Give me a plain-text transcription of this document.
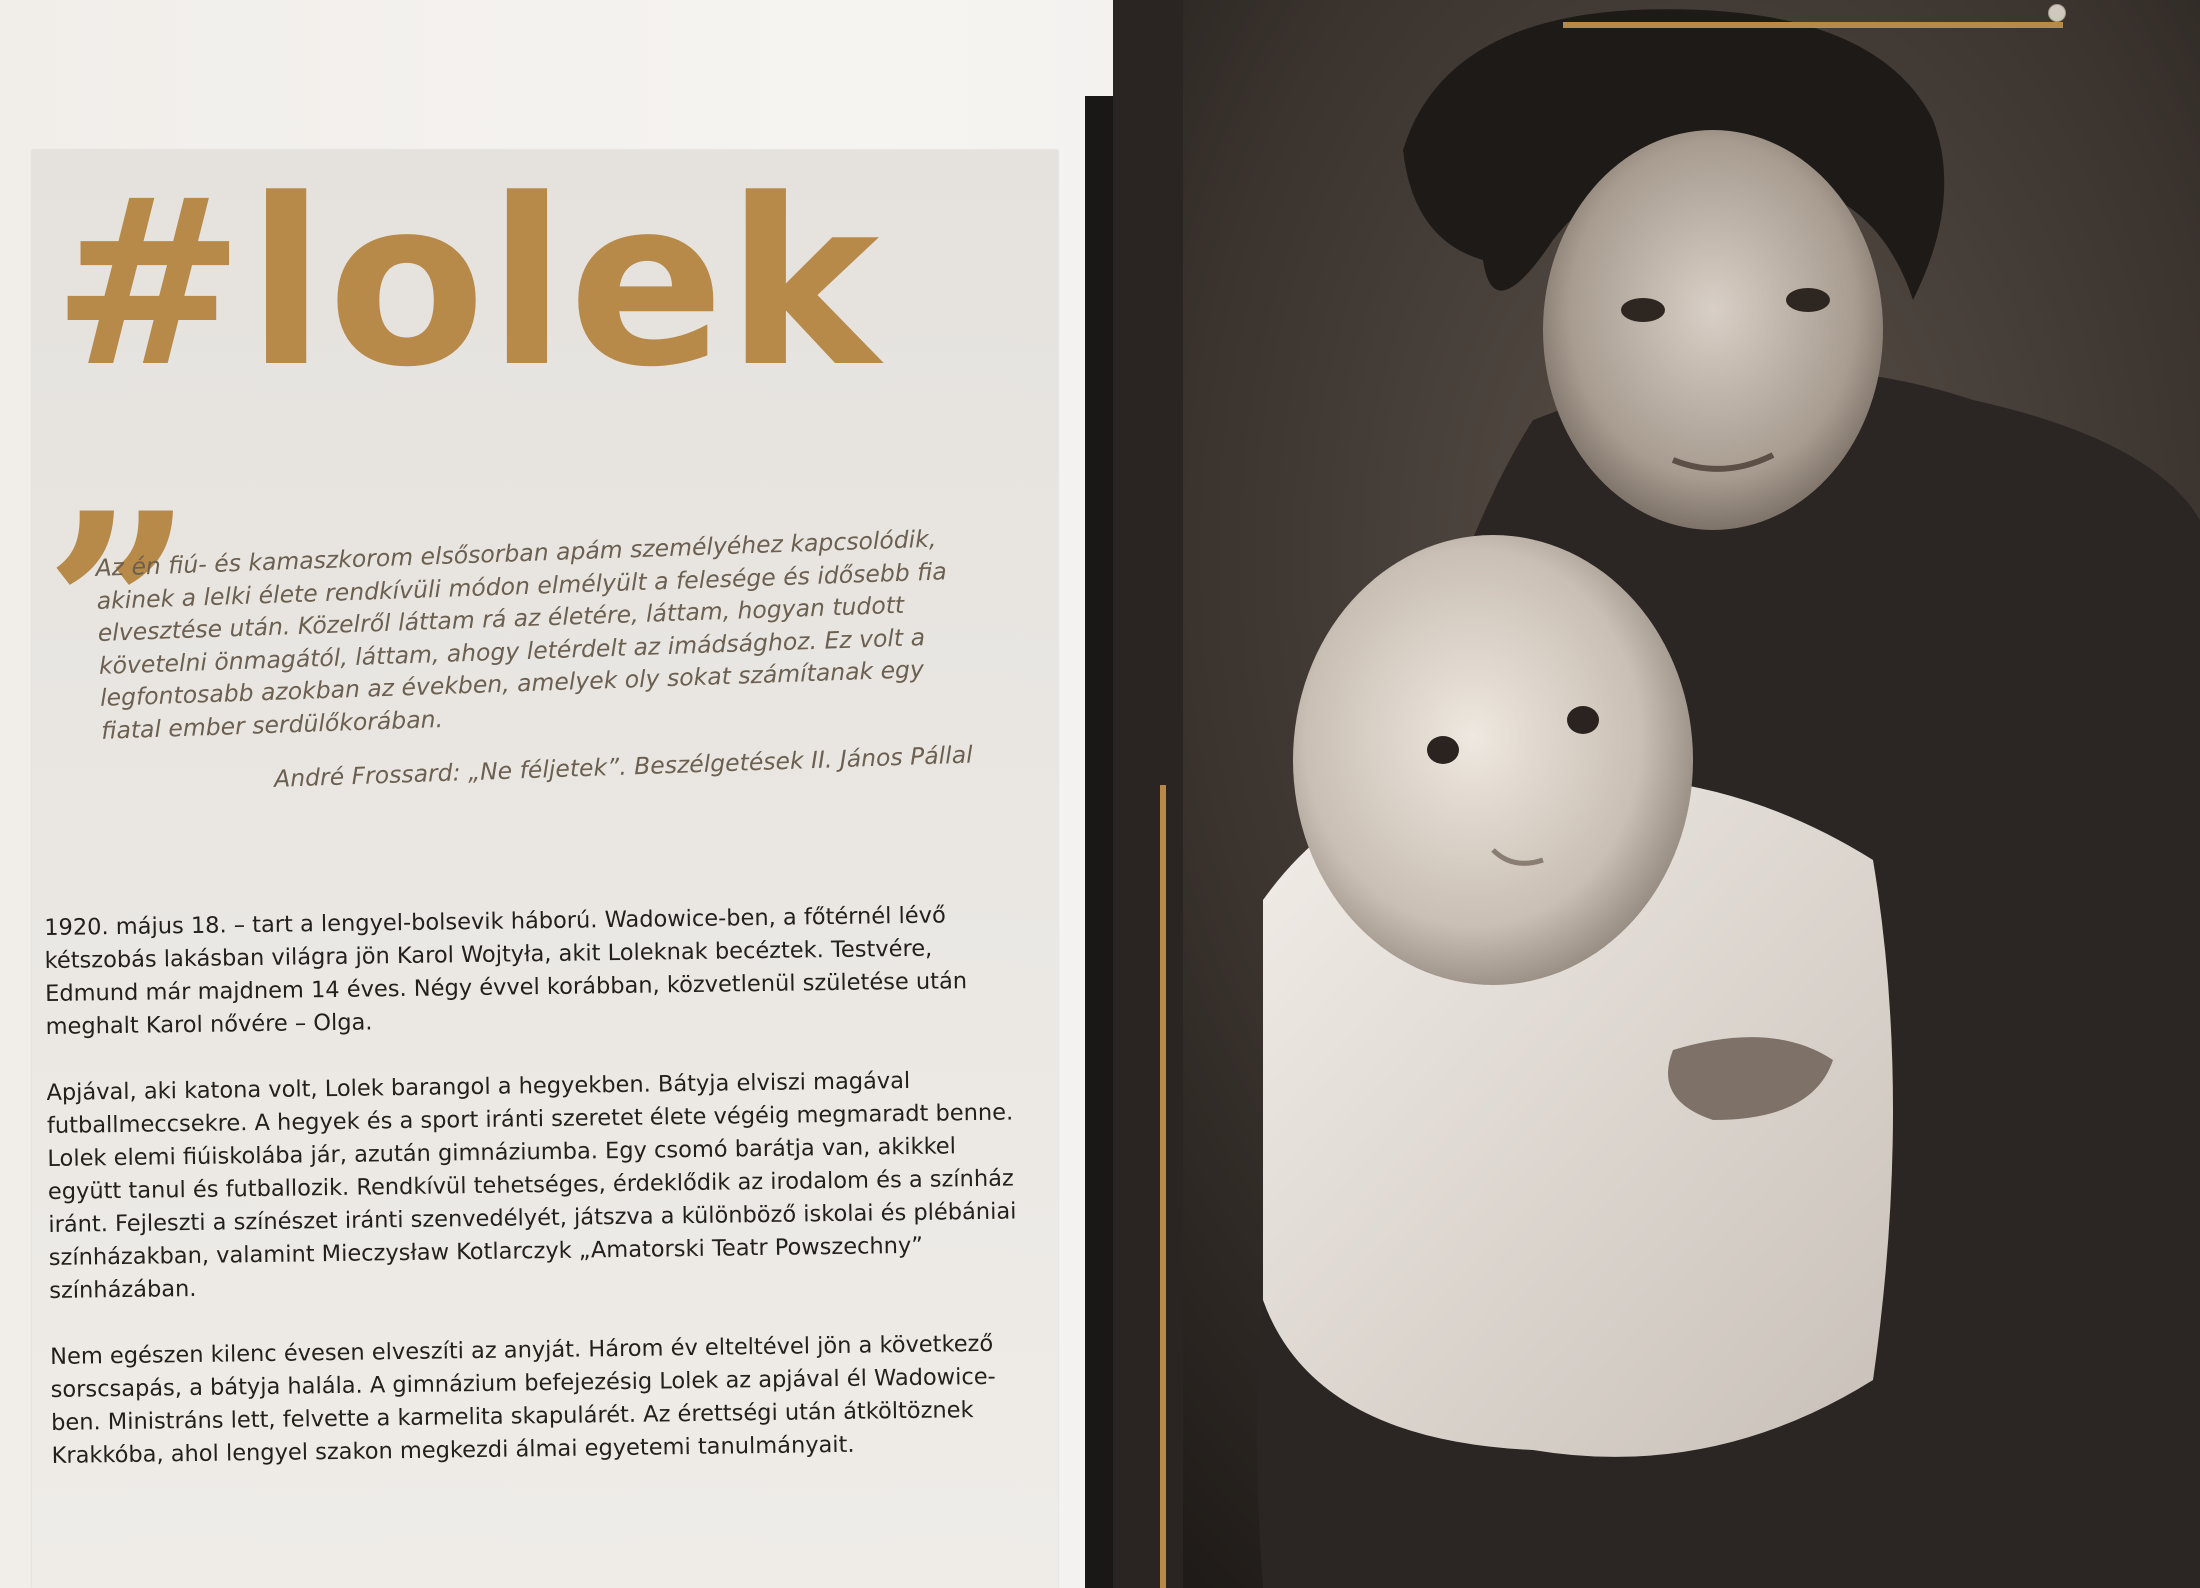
#lolek
”

Az én fiú- és kamaszkorom elsősorban apám személyéhez kapcsolódik, akinek a lelki élete rendkívüli módon elmélyült a felesége és idősebb fia elvesztése után. Közelről láttam rá az életére, láttam, hogyan tudott követelni önmagától, láttam, ahogy letérdelt az imádsághoz. Ez volt a legfontosabb azokban az években, amelyek oly sokat számítanak egy fiatal ember serdülőkorában.

André Frossard: „Ne féljetek”. Beszélgetések II. János Pállal

1920. május 18. – tart a lengyel-bolsevik háború. Wadowice-ben, a főtérnél lévő kétszobás lakásban világra jön Karol Wojtyła, akit Loleknak becéztek. Testvére, Edmund már majdnem 14 éves. Négy évvel korábban, közvetlenül születése után meghalt Karol nővére – Olga.

Apjával, aki katona volt, Lolek barangol a hegyekben. Bátyja elviszi magával futballmeccsekre. A hegyek és a sport iránti szeretet élete végéig megmaradt benne. Lolek elemi fiúiskolába jár, azután gimnáziumba. Egy csomó barátja van, akikkel együtt tanul és futballozik. Rendkívül tehetséges, érdeklődik az irodalom és a színház iránt. Fejleszti a színészet iránti szenvedélyét, játszva a különböző iskolai és plébániai színházakban, valamint Mieczysław Kotlarczyk „Amatorski Teatr Powszechny” színházában.

Nem egészen kilenc évesen elveszíti az anyját. Három év elteltével jön a következő sorscsapás, a bátyja halála. A gimnázium befejezésig Lolek az apjával él Wadowice-ben. Ministráns lett, felvette a karmelita skapulárét. Az érettségi után átköltöznek Krakkóba, ahol lengyel szakon megkezdi álmai egyetemi tanulmányait.
